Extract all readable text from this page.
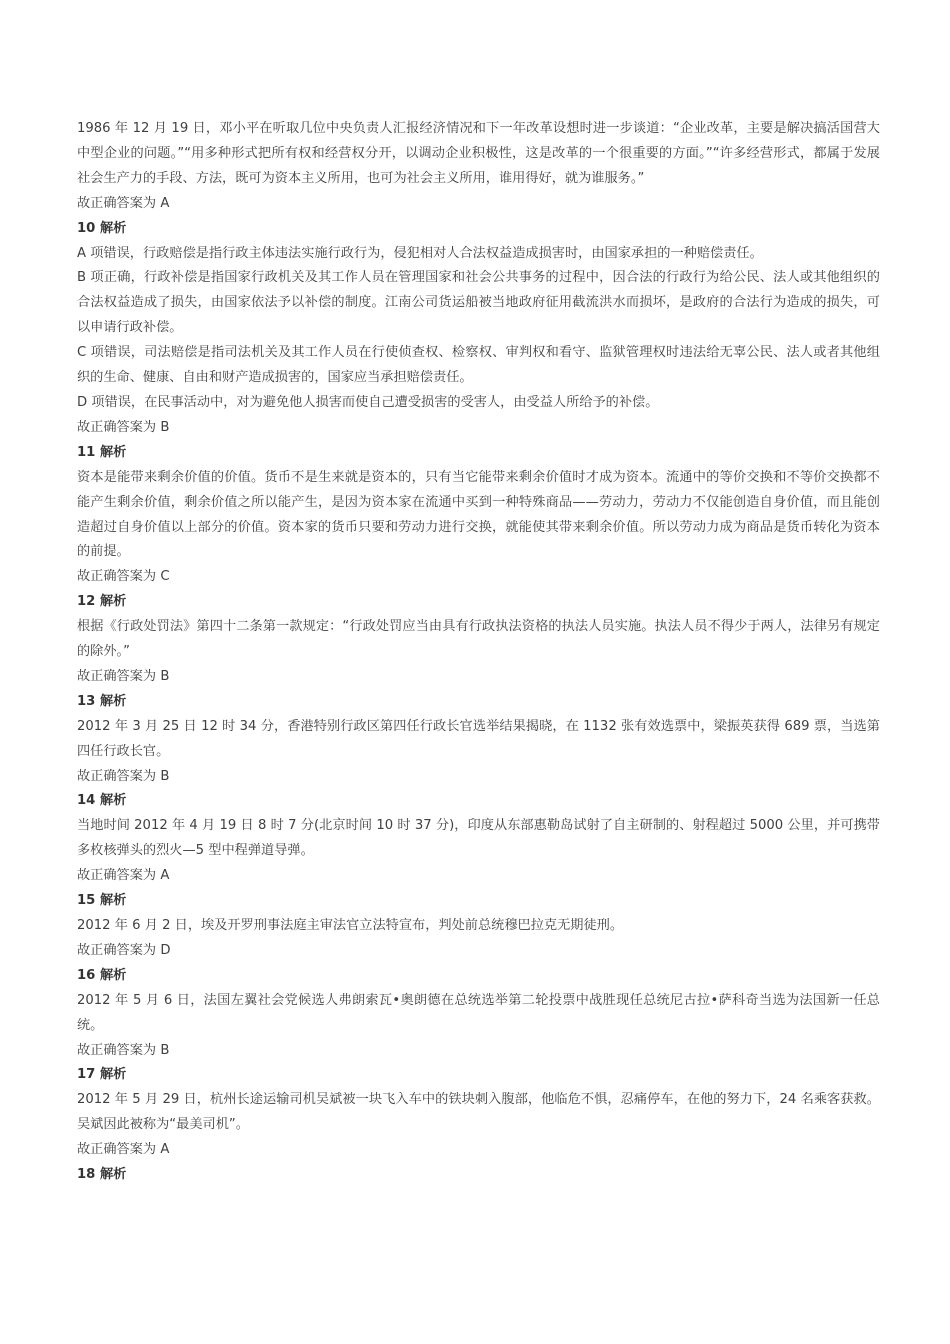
1986 年 12 月 19 日，邓小平在听取几位中央负责人汇报经济情况和下一年改革设想时进一步谈道：“企业改革，主要是解决搞活国营大中型企业的问题。”“用多种形式把所有权和经营权分开，以调动企业积极性，这是改革的一个很重要的方面。”“许多经营形式，都属于发展社会生产力的手段、方法，既可为资本主义所用，也可为社会主义所用，谁用得好，就为谁服务。”

故正确答案为 A

10 解析

A 项错误，行政赔偿是指行政主体违法实施行政行为，侵犯相对人合法权益造成损害时，由国家承担的一种赔偿责任。

B 项正确，行政补偿是指国家行政机关及其工作人员在管理国家和社会公共事务的过程中，因合法的行政行为给公民、法人或其他组织的合法权益造成了损失，由国家依法予以补偿的制度。江南公司货运船被当地政府征用截流洪水而损坏，是政府的合法行为造成的损失，可以申请行政补偿。

C 项错误，司法赔偿是指司法机关及其工作人员在行使侦查权、检察权、审判权和看守、监狱管理权时违法给无辜公民、法人或者其他组织的生命、健康、自由和财产造成损害的，国家应当承担赔偿责任。

D 项错误，在民事活动中，对为避免他人损害而使自己遭受损害的受害人，由受益人所给予的补偿。

故正确答案为 B

11 解析

资本是能带来剩余价值的价值。货币不是生来就是资本的，只有当它能带来剩余价值时才成为资本。流通中的等价交换和不等价交换都不能产生剩余价值，剩余价值之所以能产生，是因为资本家在流通中买到一种特殊商品——劳动力，劳动力不仅能创造自身价值，而且能创造超过自身价值以上部分的价值。资本家的货币只要和劳动力进行交换，就能使其带来剩余价值。所以劳动力成为商品是货币转化为资本的前提。

故正确答案为 C

12 解析

根据《行政处罚法》第四十二条第一款规定：“行政处罚应当由具有行政执法资格的执法人员实施。执法人员不得少于两人，法律另有规定的除外。”

故正确答案为 B

13 解析

2012 年 3 月 25 日 12 时 34 分，香港特别行政区第四任行政长官选举结果揭晓，在 1132 张有效选票中，梁振英获得 689 票，当选第四任行政长官。

故正确答案为 B

14 解析

当地时间 2012 年 4 月 19 日 8 时 7 分(北京时间 10 时 37 分)，印度从东部惠勒岛试射了自主研制的、射程超过 5000 公里，并可携带多枚核弹头的烈火—5 型中程弹道导弹。

故正确答案为 A

15 解析

2012 年 6 月 2 日，埃及开罗刑事法庭主审法官立法特宣布，判处前总统穆巴拉克无期徒刑。

故正确答案为 D

16 解析

2012 年 5 月 6 日，法国左翼社会党候选人弗朗索瓦•奥朗德在总统选举第二轮投票中战胜现任总统尼古拉•萨科奇当选为法国新一任总统。

故正确答案为 B

17 解析

2012 年 5 月 29 日，杭州长途运输司机吴斌被一块飞入车中的铁块刺入腹部，他临危不惧，忍痛停车，在他的努力下，24 名乘客获救。吴斌因此被称为“最美司机”。

故正确答案为 A

18 解析
